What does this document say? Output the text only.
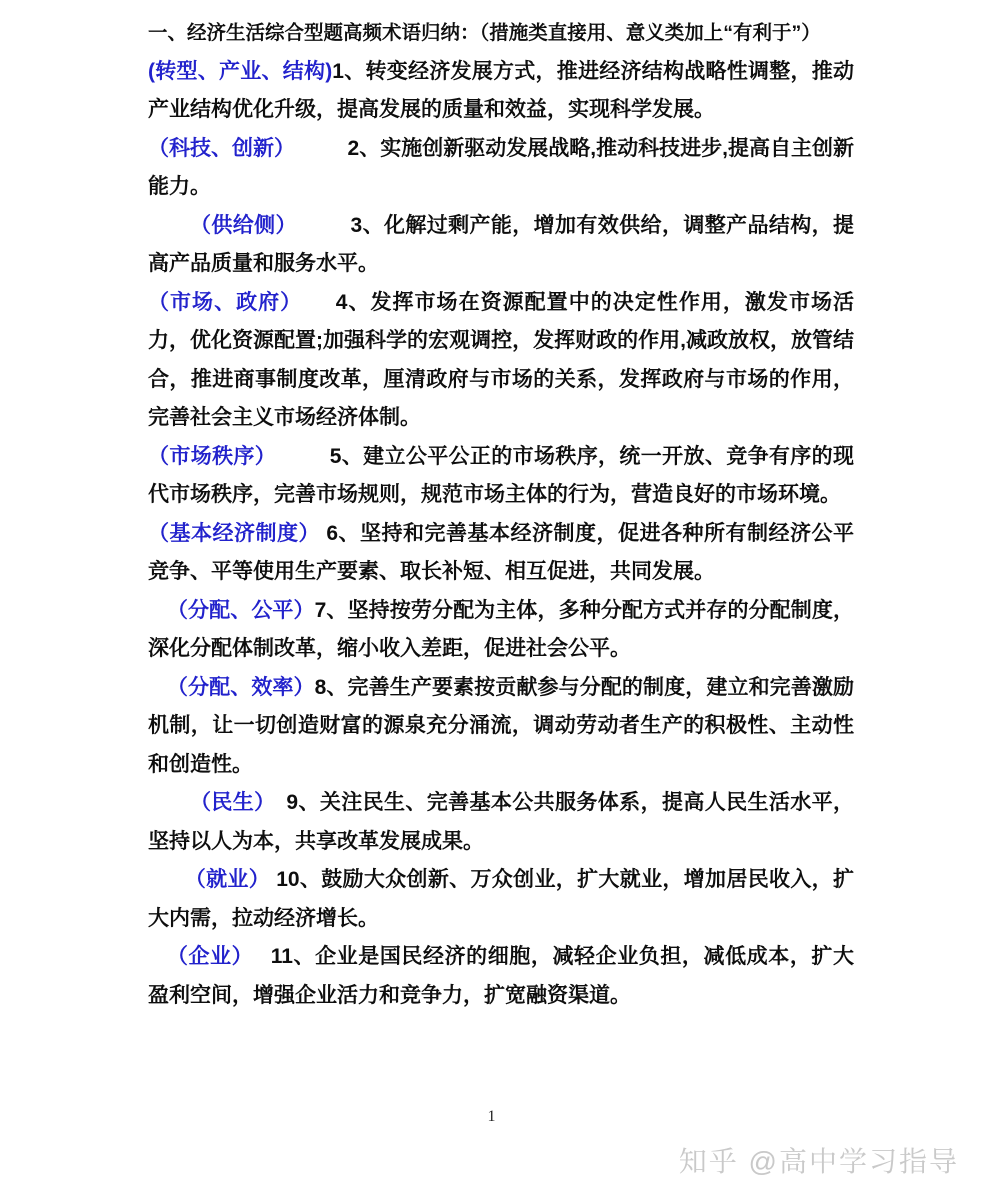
一、经济生活综合型题高频术语归纳：（措施类直接用、意义类加上“有利于”）

(转型、产业、结构)1、转变经济发展方式，推进经济结构战略性调整，推动产业结构优化升级，提高发展的质量和效益，实现科学发展。

（科技、创新）　　　2、实施创新驱动发展战略,推动科技进步,提高自主创新能力。

（供给侧）　　　3、化解过剩产能，增加有效供给，调整产品结构，提高产品质量和服务水平。

（市场、政府）　　4、发挥市场在资源配置中的决定性作用，激发市场活力，优化资源配置;加强科学的宏观调控，发挥财政的作用,减政放权，放管结合，推进商事制度改革，厘清政府与市场的关系，发挥政府与市场的作用，完善社会主义市场经济体制。

（市场秩序）　　　5、建立公平公正的市场秩序，统一开放、竞争有序的现代市场秩序，完善市场规则，规范市场主体的行为，营造良好的市场环境。

（基本经济制度） 6、坚持和完善基本经济制度，促进各种所有制经济公平竞争、平等使用生产要素、取长补短、相互促进，共同发展。

（分配、公平）7、坚持按劳分配为主体，多种分配方式并存的分配制度，深化分配体制改革，缩小收入差距，促进社会公平。

（分配、效率）8、完善生产要素按贡献参与分配的制度，建立和完善激励机制，让一切创造财富的源泉充分涌流，调动劳动者生产的积极性、主动性和创造性。

（民生）　9、关注民生、完善基本公共服务体系，提高人民生活水平，坚持以人为本，共享改革发展成果。

（就业） 10、鼓励大众创新、万众创业，扩大就业，增加居民收入，扩大内需，拉动经济增长。

（企业）　 11、企业是国民经济的细胞，减轻企业负担，减低成本，扩大盈利空间，增强企业活力和竞争力，扩宽融资渠道。

1
知乎 @高中学习指导
